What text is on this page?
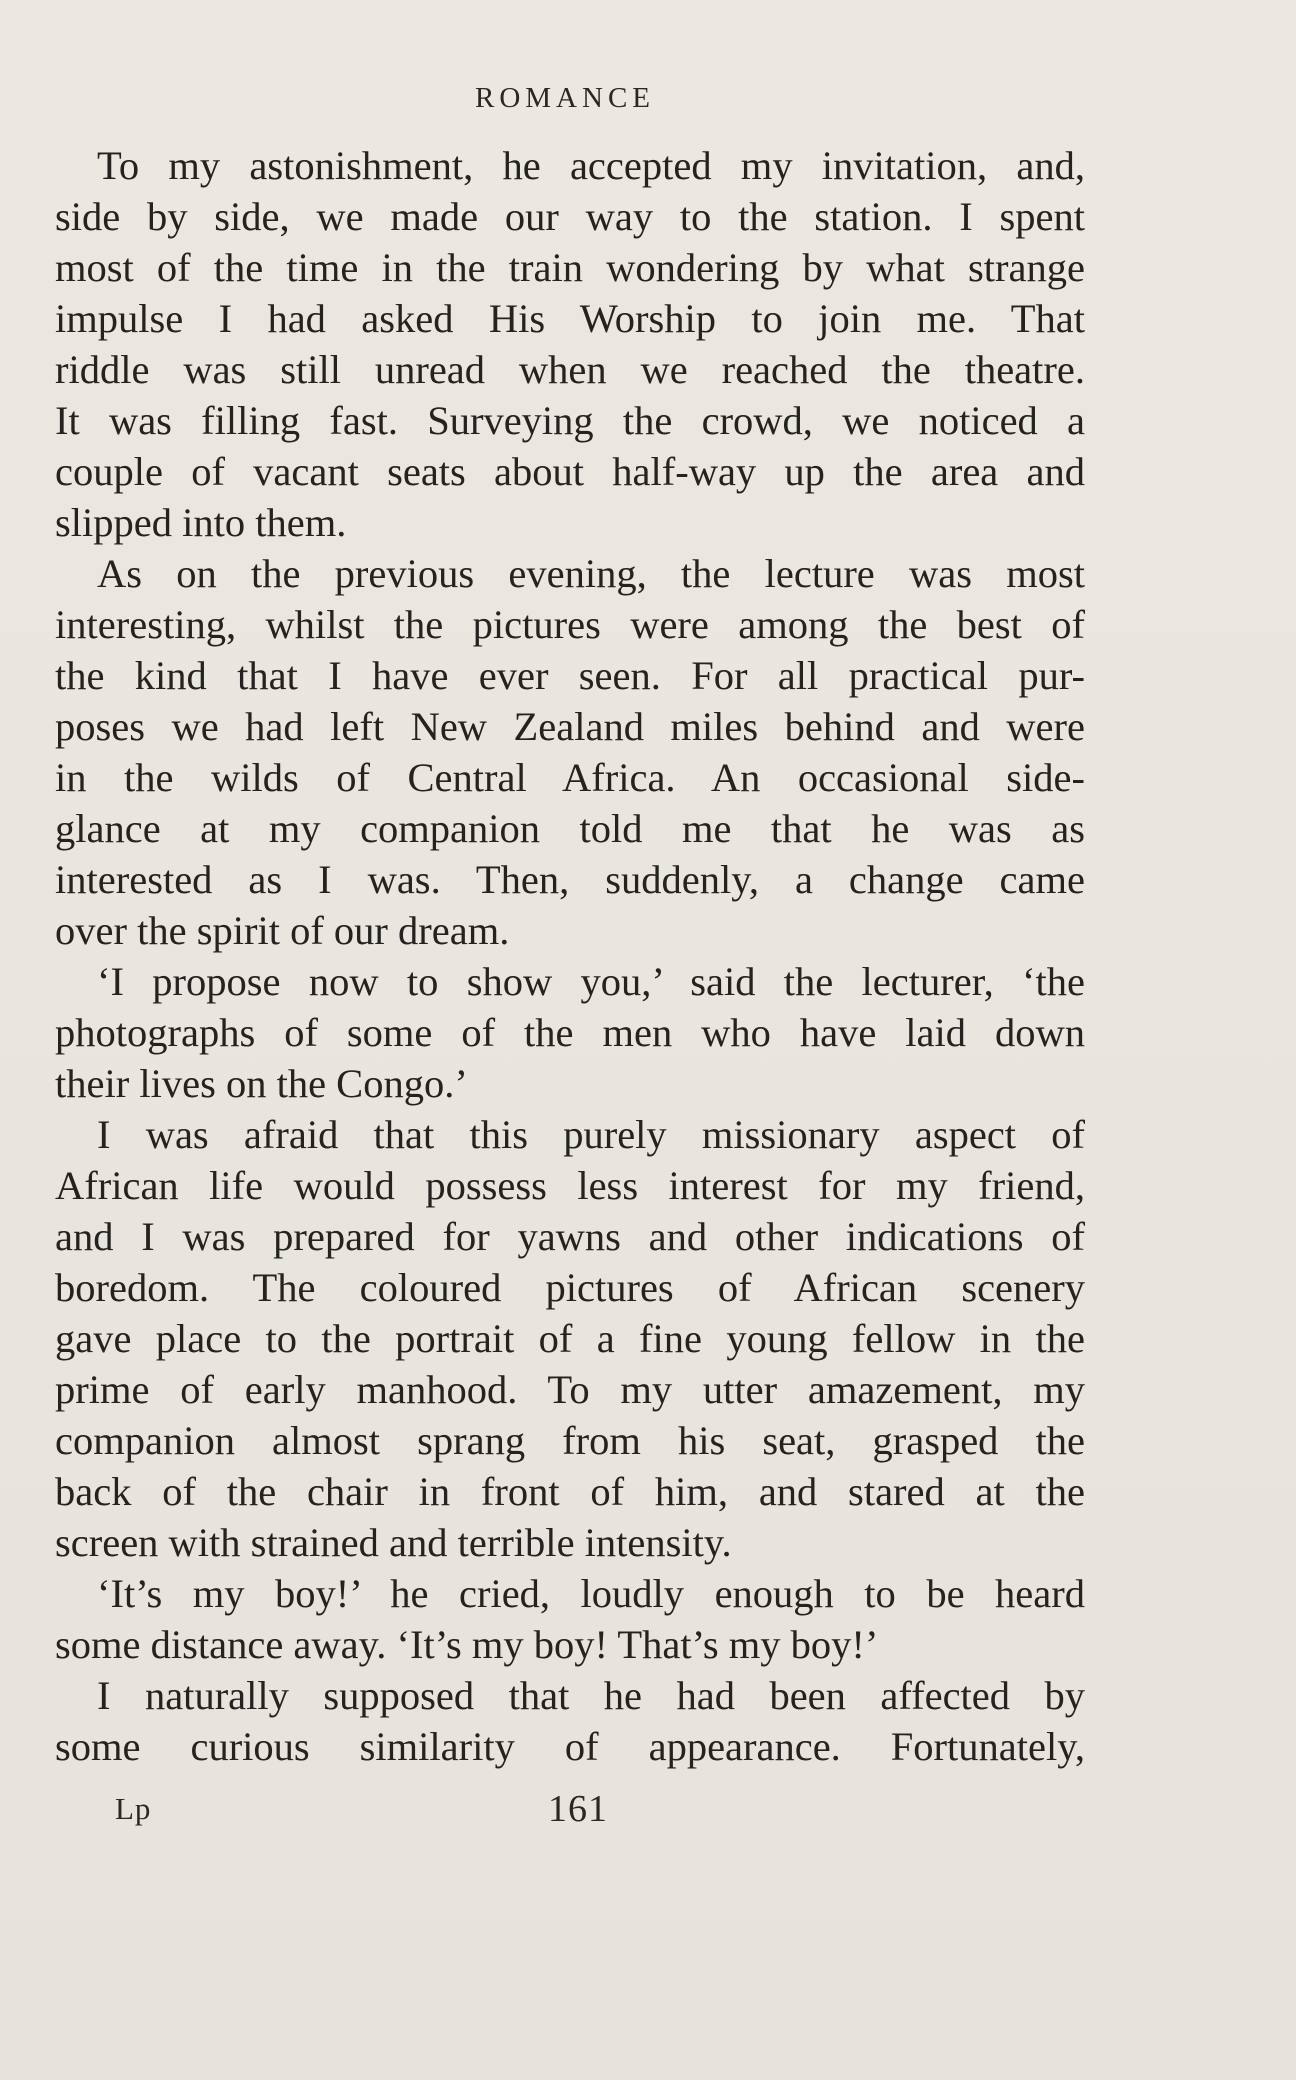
ROMANCE
To my astonishment, he accepted my invitation, and,
side by side, we made our way to the station. I spent
most of the time in the train wondering by what strange
impulse I had asked His Worship to join me. That
riddle was still unread when we reached the theatre.
It was filling fast. Surveying the crowd, we noticed a
couple of vacant seats about half-way up the area and
slipped into them.
As on the previous evening, the lecture was most
interesting, whilst the pictures were among the best of
the kind that I have ever seen. For all practical pur-
poses we had left New Zealand miles behind and were
in the wilds of Central Africa. An occasional side-
glance at my companion told me that he was as
interested as I was. Then, suddenly, a change came
over the spirit of our dream.
‘I propose now to show you,’ said the lecturer, ‘the
photographs of some of the men who have laid down
their lives on the Congo.’
I was afraid that this purely missionary aspect of
African life would possess less interest for my friend,
and I was prepared for yawns and other indications of
boredom. The coloured pictures of African scenery
gave place to the portrait of a fine young fellow in the
prime of early manhood. To my utter amazement, my
companion almost sprang from his seat, grasped the
back of the chair in front of him, and stared at the
screen with strained and terrible intensity.
‘It’s my boy!’ he cried, loudly enough to be heard
some distance away. ‘It’s my boy! That’s my boy!’
I naturally supposed that he had been affected by
some curious similarity of appearance. Fortunately,
Lp	161
